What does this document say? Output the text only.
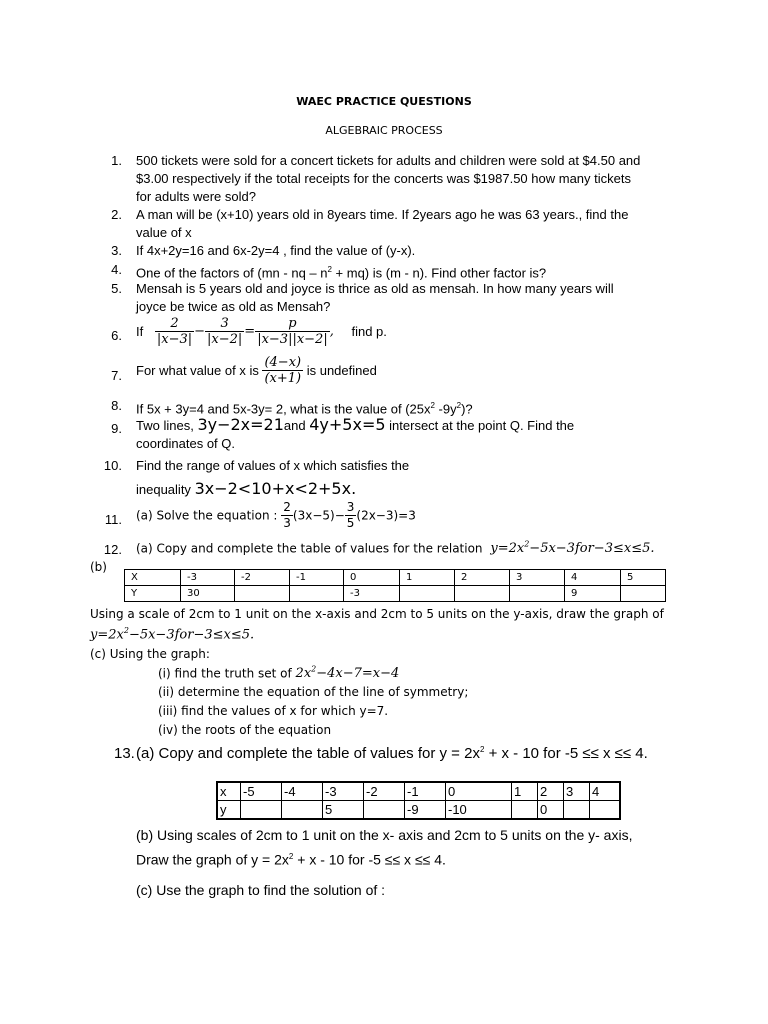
WAEC PRACTICE QUESTIONS
ALGEBRAIC PROCESS
1. 500 tickets were sold for a concert tickets for adults and children were sold at $4.50 and
$3.00 respectively if the total receipts for the concerts was $1987.50 how many tickets
for adults were sold?
2. A man will be (x+10) years old in 8years time. If 2years ago he was 63 years., find the
value of x
3. If 4x+2y=16 and 6x-2y=4 , find the value of (y-x).
4. One of the factors of (mn - nq – $n^2 + mq$) is (m - n). Find other factor is?
5. Mensah is 5 years old and joyce is thrice as old as mensah. In how many years will
joyce be twice as old as Mensah?
6. If $\frac{2}{|x-3|} - \frac{3}{|x-2|} = \frac{p}{|x-3||x-2|}$ , find p.
7. For what value of x is $\frac{(4-x)}{(x+1)}$ is undefined
8. If 5x + 3y=4 and 5x-3y= 2, what is the value of ($25x^2$ $-9y^2$)?
9. Two lines, 3y−2x=21and 4y+5x=5 intersect at the point Q. Find the
coordinates of Q.
10. Find the range of values of x which satisfies the
inequality 3x−2<10+x<2+5x.
11. (a) Solve the equation : $\frac{2}{3} (3x-5)- \frac{3}{5} (2x-3)=3$
12. (a) Copy and complete the table of values for the relation $y=2x^2-5x-3for-3\le x\le 5$.
(b)
X	-3	-2	-1	0	1	2	3	4	5
Y	30			-3				9	
Using a scale of 2cm to 1 unit on the x-axis and 2cm to 5 units on the y-axis, draw the graph of
$y=2x^2-5x-3for-3\le x\le 5$.
(c) Using the graph:
(i) find the truth set of $2x^2-4x-7=x-4$
(ii) determine the equation of the line of symmetry;
(iii) find the values of x for which y=7.
(iv) the roots of the equation
13. (a) Copy and complete the table of values for $y = 2x^2 + x - 10$ for -5 ≤≤ x ≤≤ 4.
x	-5	-4	-3	-2	-1	0	1	2	3	4
y			5		-9	-10		0		
(b) Using scales of 2cm to 1 unit on the x- axis and 2cm to 5 units on the y- axis,
Draw the graph of $y = 2x^2 + x - 10$ for -5 ≤≤ x ≤≤ 4.
(c) Use the graph to find the solution of :
